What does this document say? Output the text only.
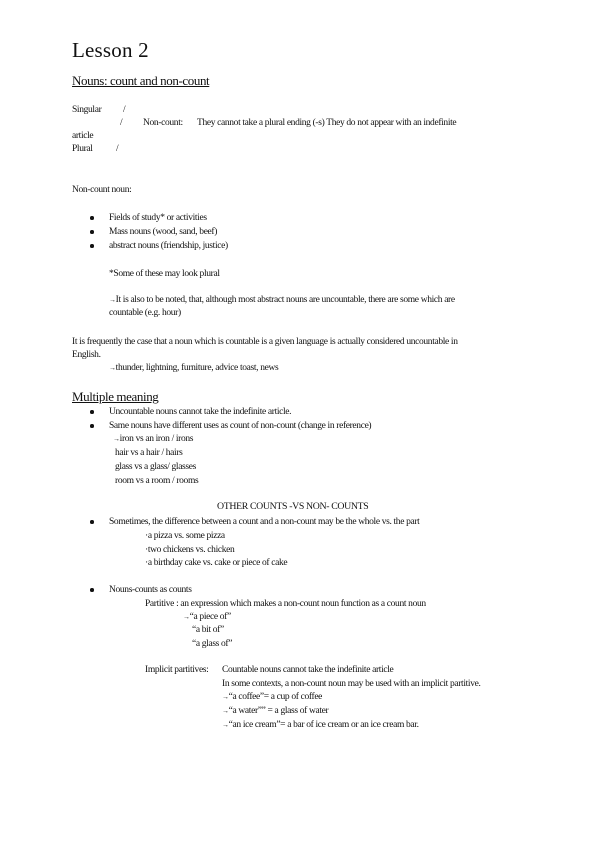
Lesson 2
Nouns: count and non-count
Singular /
/ Non-count: They cannot take a plural ending (-s) They do not appear with an indefinite
article
Plural /
Non-count noun:
Fields of study* or activities
Mass nouns (wood, sand, beef)
abstract nouns (friendship, justice)
*Some of these may look plural
→It is also to be noted, that, although most abstract nouns are uncountable, there are some which are
countable (e.g. hour)
It is frequently the case that a noun which is countable is a given language is actually considered uncountable in
English.
→thunder, lightning, furniture, advice toast, news
Multiple meaning
Uncountable nouns cannot take the indefinite article.
Same nouns have different uses as count of non-count (change in reference)
→iron vs an iron / irons
hair vs a hair / hairs
glass vs a glass/ glasses
room vs a room / rooms
OTHER COUNTS -VS NON- COUNTS
Sometimes, the difference between a count and a non-count may be the whole vs. the part
·a pizza vs. some pizza
·two chickens vs. chicken
·a birthday cake vs. cake or piece of cake
Nouns-counts as counts
Partitive : an expression which makes a non-count noun function as a count noun
→“a piece of”
“a bit of”
“a glass of”
Implicit partitives: Countable nouns cannot take the indefinite article
In some contexts, a non-count noun may be used with an implicit partitive.
→“a coffee”= a cup of coffee
→“a water”” = a glass of water
→“an ice cream”= a bar of ice cream or an ice cream bar.
